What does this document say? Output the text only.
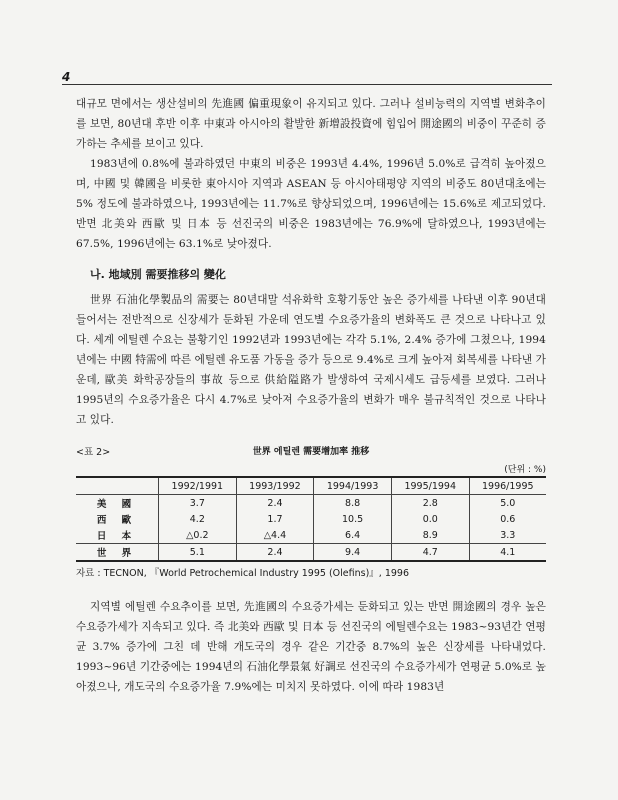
4

대규모 면에서는 생산설비의 先進國 偏重現象이 유지되고 있다. 그러나 설비능력의 지역별 변화추이를 보면, 80년대 후반 이후 中東과 아시아의 활발한 新增設投資에 힘입어 開途國의 비중이 꾸준히 증가하는 추세를 보이고 있다.

1983년에 0.8%에 불과하였던 中東의 비중은 1993년 4.4%, 1996년 5.0%로 급격히 높아졌으며, 中國 및 韓國을 비롯한 東아시아 지역과 ASEAN 등 아시아태평양 지역의 비중도 80년대초에는 5% 정도에 불과하였으나, 1993년에는 11.7%로 향상되었으며, 1996년에는 15.6%로 제고되었다. 반면 北美와 西歐 및 日本 등 선진국의 비중은 1983년에는 76.9%에 달하였으나, 1993년에는 67.5%, 1996년에는 63.1%로 낮아졌다.

나. 地域別 需要推移의 變化

世界 石油化學製品의 需要는 80년대말 석유화학 호황기동안 높은 증가세를 나타낸 이후 90년대 들어서는 전반적으로 신장세가 둔화된 가운데 연도별 수요증가율의 변화폭도 큰 것으로 나타나고 있다. 세계 에틸렌 수요는 불황기인 1992년과 1993년에는 각각 5.1%, 2.4% 증가에 그쳤으나, 1994년에는 中國 特需에 따른 에틸렌 유도품 가동을 증가 등으로 9.4%로 크게 높아져 회복세를 나타낸 가운데, 歐美 화학공장들의 事故 등으로 供給隘路가 발생하여 국제시세도 급등세를 보였다. 그러나 1995년의 수요증가율은 다시 4.7%로 낮아져 수요증가율의 변화가 매우 불규칙적인 것으로 나타나고 있다.

<표 2>	世界 에틸렌 需要增加率 推移
(단위 : %)
	1992/1991	1993/1992	1994/1993	1995/1994	1996/1995
美 國	3.7	2.4	8.8	2.8	5.0
西 歐	4.2	1.7	10.5	0.0	0.6
日 本	△0.2	△4.4	6.4	8.9	3.3
世 界	5.1	2.4	9.4	4.7	4.1
자료 : TECNON, 『World Petrochemical Industry 1995 (Olefins)』, 1996

지역별 에틸렌 수요추이를 보면, 先進國의 수요증가세는 둔화되고 있는 반면 開途國의 경우 높은 수요증가세가 지속되고 있다. 즉 北美와 西歐 및 日本 등 선진국의 에틸렌수요는 1983~93년간 연평균 3.7% 증가에 그친 데 반해 개도국의 경우 같은 기간중 8.7%의 높은 신장세를 나타내었다. 1993~96년 기간중에는 1994년의 石油化學景氣 好調로 선진국의 수요증가세가 연평균 5.0%로 높아졌으나, 개도국의 수요증가율 7.9%에는 미치지 못하였다. 이에 따라 1983년
